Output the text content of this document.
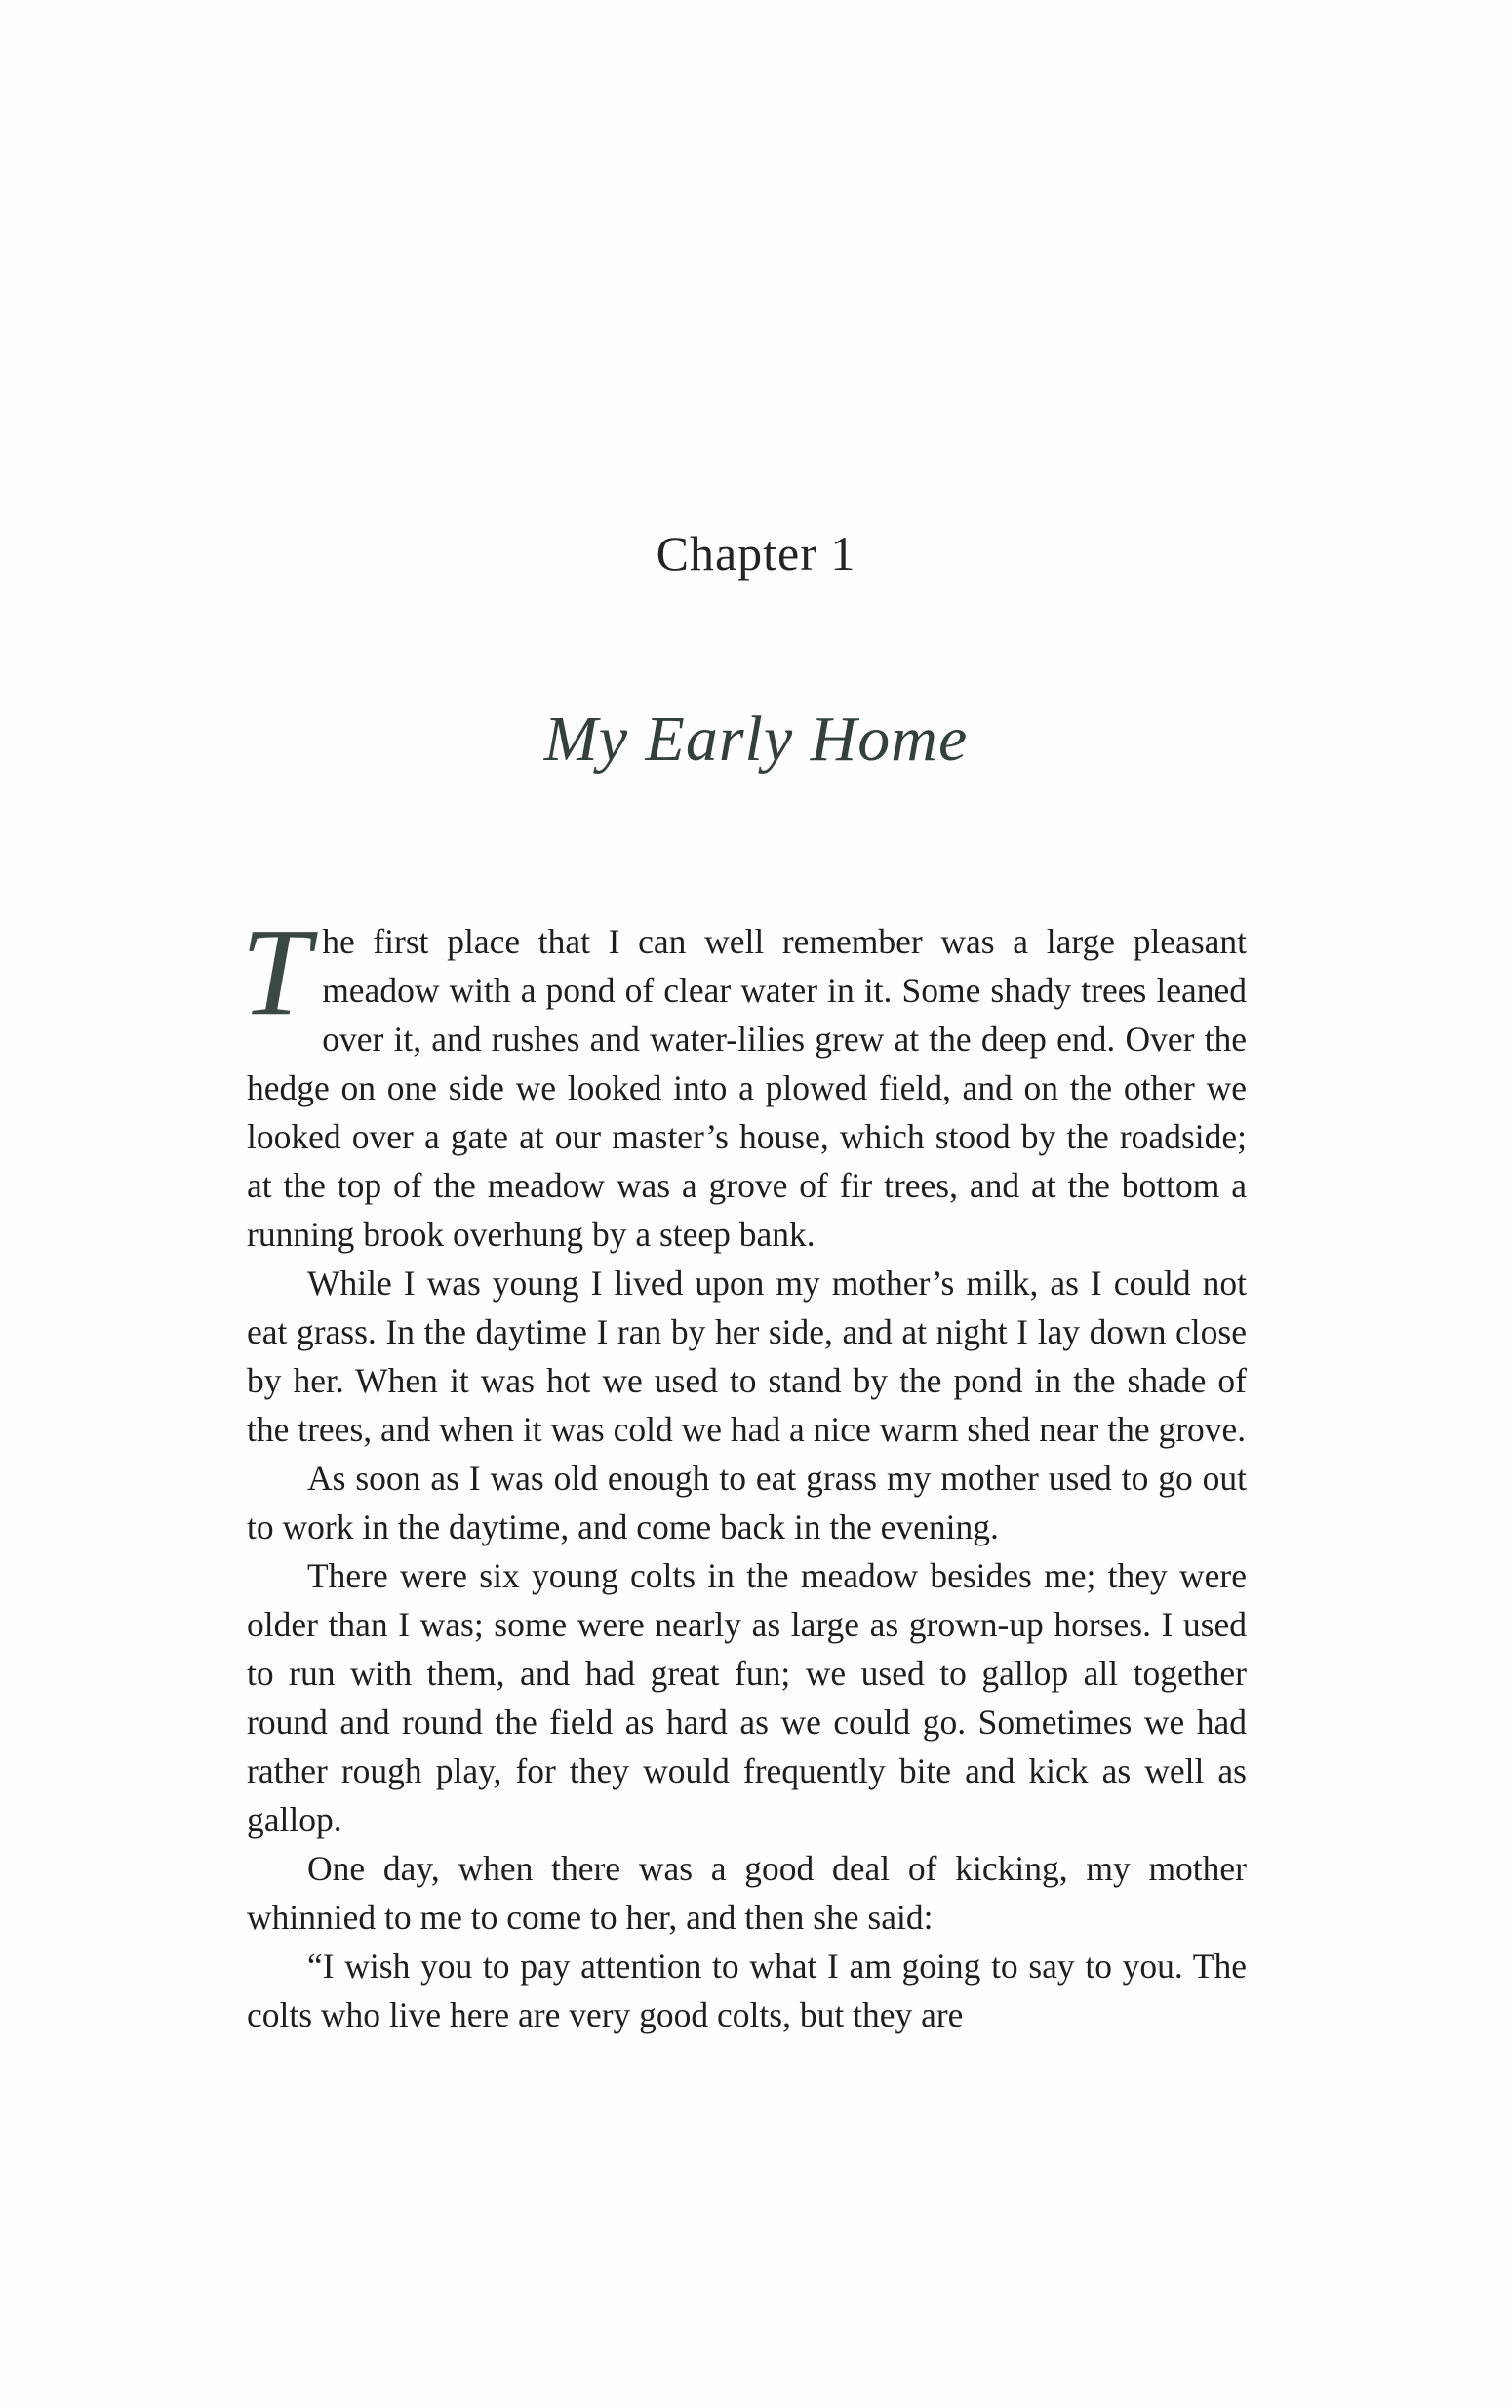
Chapter 1
My Early Home

The first place that I can well remember was a large pleasant meadow with a pond of clear water in it. Some shady trees leaned over it, and rushes and water-lilies grew at the deep end. Over the hedge on one side we looked into a plowed field, and on the other we looked over a gate at our master’s house, which stood by the roadside; at the top of the meadow was a grove of fir trees, and at the bottom a running brook overhung by a steep bank.

While I was young I lived upon my mother’s milk, as I could not eat grass. In the daytime I ran by her side, and at night I lay down close by her. When it was hot we used to stand by the pond in the shade of the trees, and when it was cold we had a nice warm shed near the grove.

As soon as I was old enough to eat grass my mother used to go out to work in the daytime, and come back in the evening.

There were six young colts in the meadow besides me; they were older than I was; some were nearly as large as grown-up horses. I used to run with them, and had great fun; we used to gallop all together round and round the field as hard as we could go. Sometimes we had rather rough play, for they would frequently bite and kick as well as gallop.

One day, when there was a good deal of kicking, my mother whinnied to me to come to her, and then she said:

“I wish you to pay attention to what I am going to say to you. The colts who live here are very good colts, but they are
